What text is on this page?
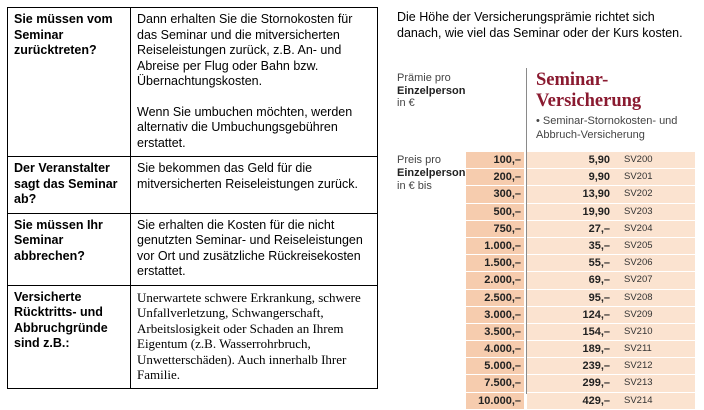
Sie müssen vom Seminar zurücktreten?	Dann erhalten Sie die Stornokosten für das Seminar und die mitversicherten Reiseleistungen zurück, z.B. An- und Abreise per Flug oder Bahn bzw. Übernachtungskosten.

Wenn Sie umbuchen möchten, werden alternativ die Umbuchungsgebühren erstattet.

Der Veranstalter sagt das Seminar ab?	Sie bekommen das Geld für die mitversicherten Reiseleistungen zurück.

Sie müssen Ihr Seminar abbrechen?	Sie erhalten die Kosten für die nicht genutzten Seminar- und Reiseleistungen vor Ort und zusätzliche Rückreisekosten erstattet.

Versicherte Rücktritts- und Abbruchgründe sind z.B.:	Unerwartete schwere Erkrankung, schwere Unfallverletzung, Schwangerschaft, Arbeitslosigkeit oder Schaden an Ihrem Eigentum (z.B. Wasserrohrbruch, Unwetterschäden). Auch innerhalb Ihrer Familie.

Die Höhe der Versicherungsprämie richtet sich danach, wie viel das Seminar oder der Kurs kosten.
Prämie pro
Einzelperson
in €
Seminar-
Versicherung
• Seminar-Stornokosten- und Abbruch-Versicherung
Preis pro
Einzelperson
in € bis
100,–	5,90 SV200
200,–	9,90 SV201
300,–	13,90 SV202
500,–	19,90 SV203
750,–	27,– SV204
1.000,–	35,– SV205
1.500,–	55,– SV206
2.000,–	69,– SV207
2.500,–	95,– SV208
3.000,–	124,– SV209
3.500,–	154,– SV210
4.000,–	189,– SV211
5.000,–	239,– SV212
7.500,–	299,– SV213
10.000,–	429,– SV214
